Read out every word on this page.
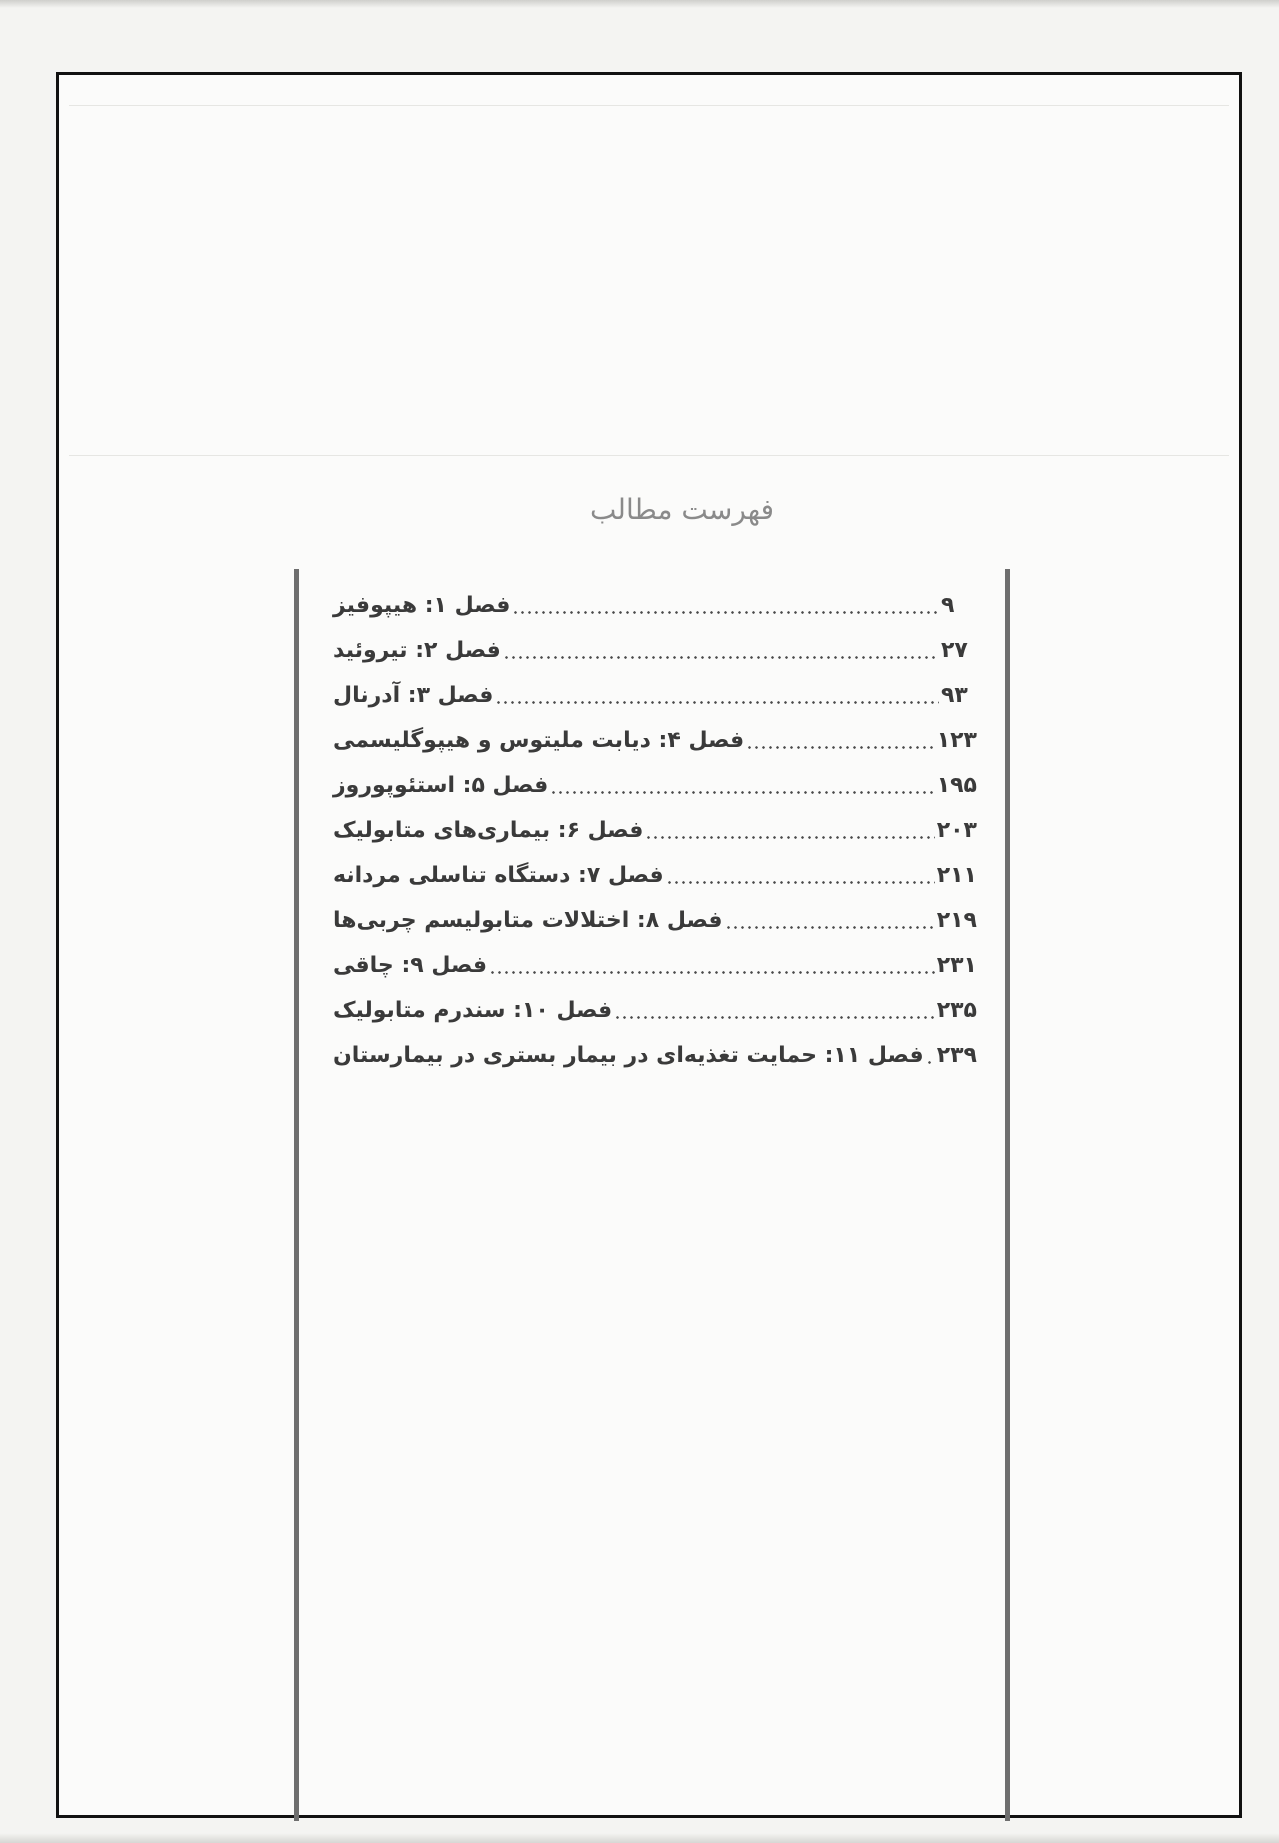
فهرست مطالب
فصل ۱: هیپوفیز	۹
فصل ۲: تیروئید	۲۷
فصل ۳: آدرنال	۹۳
فصل ۴: دیابت ملیتوس و هیپوگلیسمی	۱۲۳
فصل ۵: استئوپوروز	۱۹۵
فصل ۶: بیماری‌های متابولیک	۲۰۳
فصل ۷: دستگاه تناسلی مردانه	۲۱۱
فصل ۸: اختلالات متابولیسم چربی‌ها	۲۱۹
فصل ۹: چاقی	۲۳۱
فصل ۱۰: سندرم متابولیک	۲۳۵
فصل ۱۱: حمایت تغذیه‌ای در بیمار بستری در بیمارستان ۲۳۹
